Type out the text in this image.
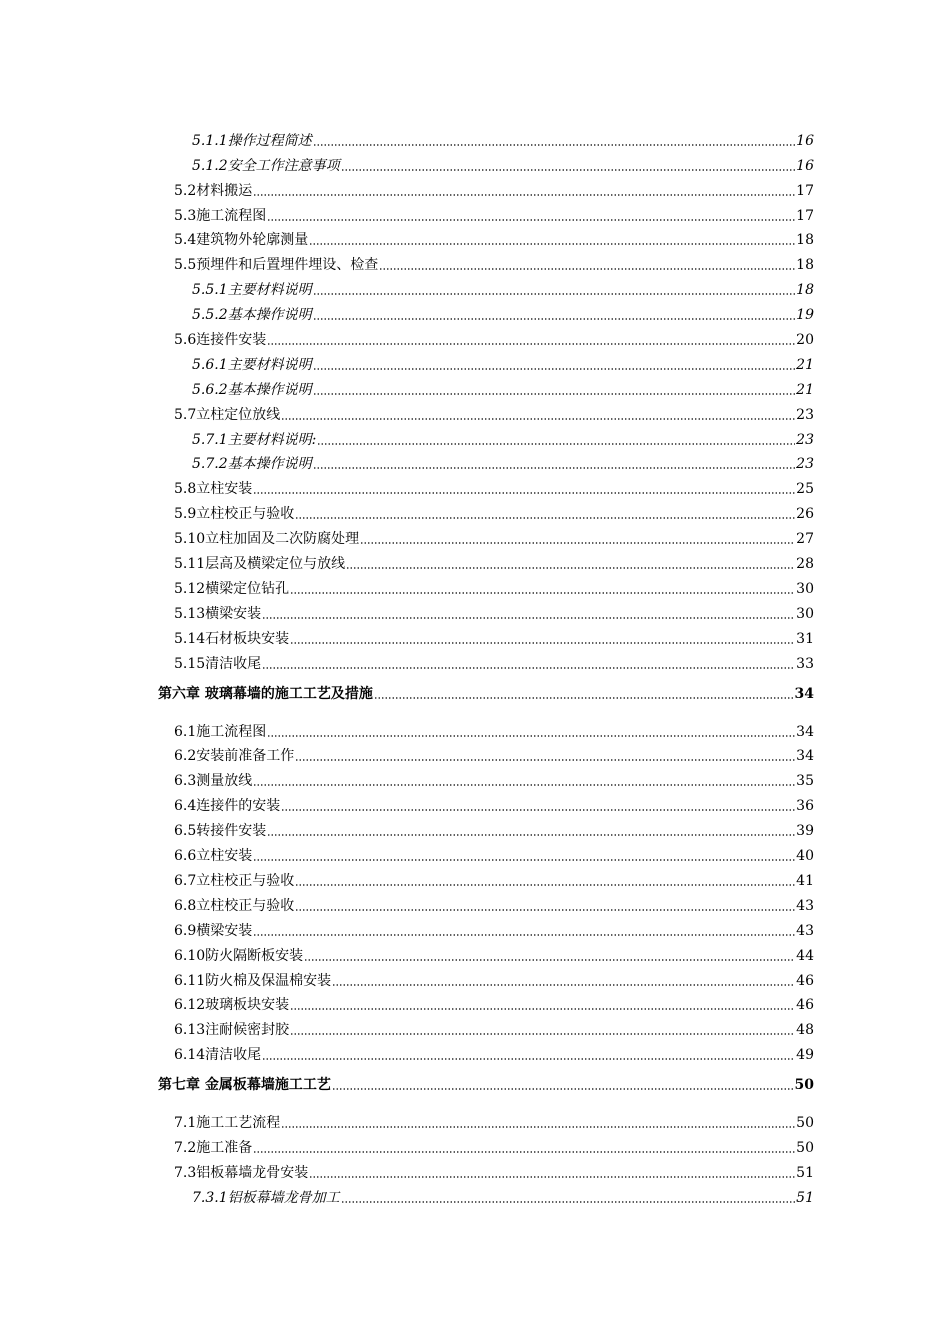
5.1.1操作过程简述	16
5.1.2安全工作注意事项	16
5.2材料搬运	17
5.3施工流程图	17
5.4建筑物外轮廓测量	18
5.5预埋件和后置埋件埋设、检查	18
5.5.1主要材料说明	18
5.5.2基本操作说明	19
5.6连接件安装	20
5.6.1主要材料说明	21
5.6.2基本操作说明	21
5.7立柱定位放线	23
5.7.1主要材料说明:	23
5.7.2基本操作说明	23
5.8立柱安装	25
5.9立柱校正与验收	26
5.10立柱加固及二次防腐处理	27
5.11层高及横梁定位与放线	28
5.12横梁定位钻孔	30
5.13横梁安装	30
5.14石材板块安装	31
5.15清洁收尾	33
第六章 玻璃幕墙的施工工艺及措施	34
6.1施工流程图	34
6.2安装前准备工作	34
6.3测量放线	35
6.4连接件的安装	36
6.5转接件安装	39
6.6立柱安装	40
6.7立柱校正与验收	41
6.8立柱校正与验收	43
6.9横梁安装	43
6.10防火隔断板安装	44
6.11防火棉及保温棉安装	46
6.12玻璃板块安装	46
6.13注耐候密封胶	48
6.14清洁收尾	49
第七章 金属板幕墙施工工艺	50
7.1施工工艺流程	50
7.2施工准备	50
7.3铝板幕墙龙骨安装	51
7.3.1铝板幕墙龙骨加工	51
